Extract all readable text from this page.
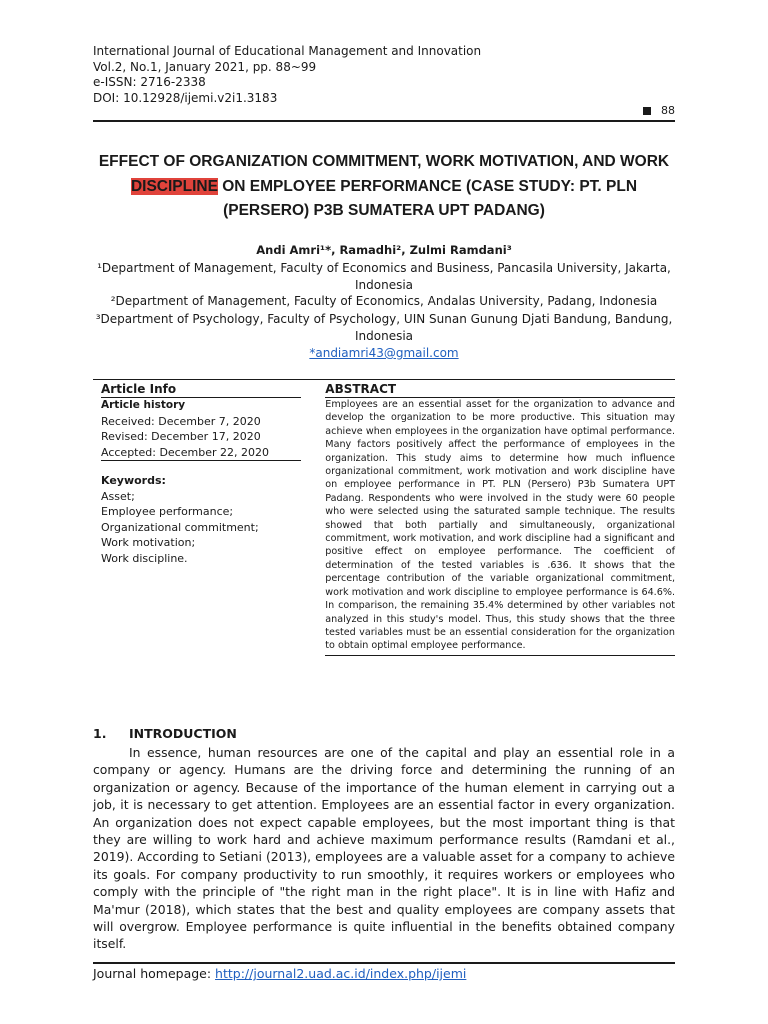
International Journal of Educational Management and Innovation
Vol.2, No.1, January 2021, pp. 88~99
e-ISSN: 2716-2338
DOI: 10.12928/ijemi.v2i1.3183
88
EFFECT OF ORGANIZATION COMMITMENT, WORK MOTIVATION, AND WORK DISCIPLINE ON EMPLOYEE PERFORMANCE (CASE STUDY: PT. PLN (PERSERO) P3B SUMATERA UPT PADANG)
Andi Amri¹*, Ramadhi², Zulmi Ramdani³
¹Department of Management, Faculty of Economics and Business, Pancasila University, Jakarta, Indonesia
²Department of Management, Faculty of Economics, Andalas University, Padang, Indonesia
³Department of Psychology, Faculty of Psychology, UIN Sunan Gunung Djati Bandung, Bandung, Indonesia
*andiamri43@gmail.com
Article Info
Article history
Received: December 7, 2020
Revised: December 17, 2020
Accepted: December 22, 2020
Keywords:
Asset;
Employee performance;
Organizational commitment;
Work motivation;
Work discipline.
ABSTRACT
Employees are an essential asset for the organization to advance and develop the organization to be more productive. This situation may achieve when employees in the organization have optimal performance. Many factors positively affect the performance of employees in the organization. This study aims to determine how much influence organizational commitment, work motivation and work discipline have on employee performance in PT. PLN (Persero) P3b Sumatera UPT Padang. Respondents who were involved in the study were 60 people who were selected using the saturated sample technique. The results showed that both partially and simultaneously, organizational commitment, work motivation, and work discipline had a significant and positive effect on employee performance. The coefficient of determination of the tested variables is .636. It shows that the percentage contribution of the variable organizational commitment, work motivation and work discipline to employee performance is 64.6%. In comparison, the remaining 35.4% determined by other variables not analyzed in this study's model. Thus, this study shows that the three tested variables must be an essential consideration for the organization to obtain optimal employee performance.
1. INTRODUCTION

In essence, human resources are one of the capital and play an essential role in a company or agency. Humans are the driving force and determining the running of an organization or agency. Because of the importance of the human element in carrying out a job, it is necessary to get attention. Employees are an essential factor in every organization. An organization does not expect capable employees, but the most important thing is that they are willing to work hard and achieve maximum performance results (Ramdani et al., 2019). According to Setiani (2013), employees are a valuable asset for a company to achieve its goals. For company productivity to run smoothly, it requires workers or employees who comply with the principle of "the right man in the right place". It is in line with Hafiz and Ma'mur (2018), which states that the best and quality employees are company assets that will overgrow. Employee performance is quite influential in the benefits obtained company itself.

Journal homepage: http://journal2.uad.ac.id/index.php/ijemi
